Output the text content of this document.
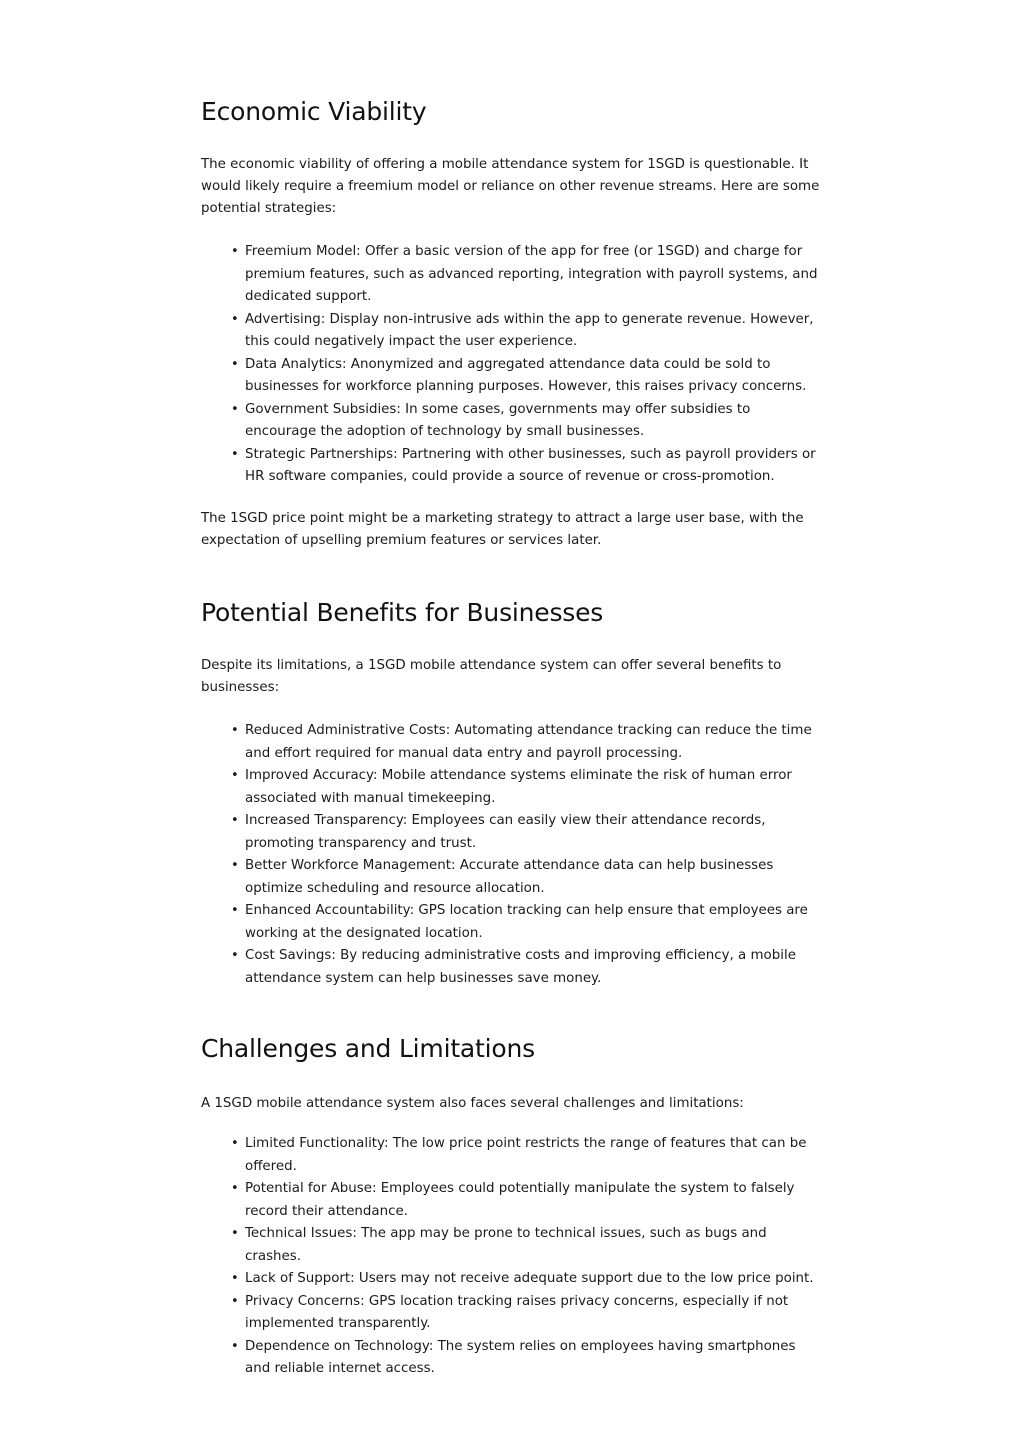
Economic Viability

The economic viability of offering a mobile attendance system for 1SGD is questionable. It would likely require a freemium model or reliance on other revenue streams. Here are some potential strategies:

• Freemium Model: Offer a basic version of the app for free (or 1SGD) and charge for premium features, such as advanced reporting, integration with payroll systems, and dedicated support.
• Advertising: Display non-intrusive ads within the app to generate revenue. However, this could negatively impact the user experience.
• Data Analytics: Anonymized and aggregated attendance data could be sold to businesses for workforce planning purposes. However, this raises privacy concerns.
• Government Subsidies: In some cases, governments may offer subsidies to encourage the adoption of technology by small businesses.
• Strategic Partnerships: Partnering with other businesses, such as payroll providers or HR software companies, could provide a source of revenue or cross-promotion.

The 1SGD price point might be a marketing strategy to attract a large user base, with the expectation of upselling premium features or services later.

Potential Benefits for Businesses

Despite its limitations, a 1SGD mobile attendance system can offer several benefits to businesses:

• Reduced Administrative Costs: Automating attendance tracking can reduce the time and effort required for manual data entry and payroll processing.
• Improved Accuracy: Mobile attendance systems eliminate the risk of human error associated with manual timekeeping.
• Increased Transparency: Employees can easily view their attendance records, promoting transparency and trust.
• Better Workforce Management: Accurate attendance data can help businesses optimize scheduling and resource allocation.
• Enhanced Accountability: GPS location tracking can help ensure that employees are working at the designated location.
• Cost Savings: By reducing administrative costs and improving efficiency, a mobile attendance system can help businesses save money.
Challenges and Limitations

A 1SGD mobile attendance system also faces several challenges and limitations:

• Limited Functionality: The low price point restricts the range of features that can be offered.
• Potential for Abuse: Employees could potentially manipulate the system to falsely record their attendance.
• Technical Issues: The app may be prone to technical issues, such as bugs and crashes.
• Lack of Support: Users may not receive adequate support due to the low price point.
• Privacy Concerns: GPS location tracking raises privacy concerns, especially if not implemented transparently.
• Dependence on Technology: The system relies on employees having smartphones and reliable internet access.
